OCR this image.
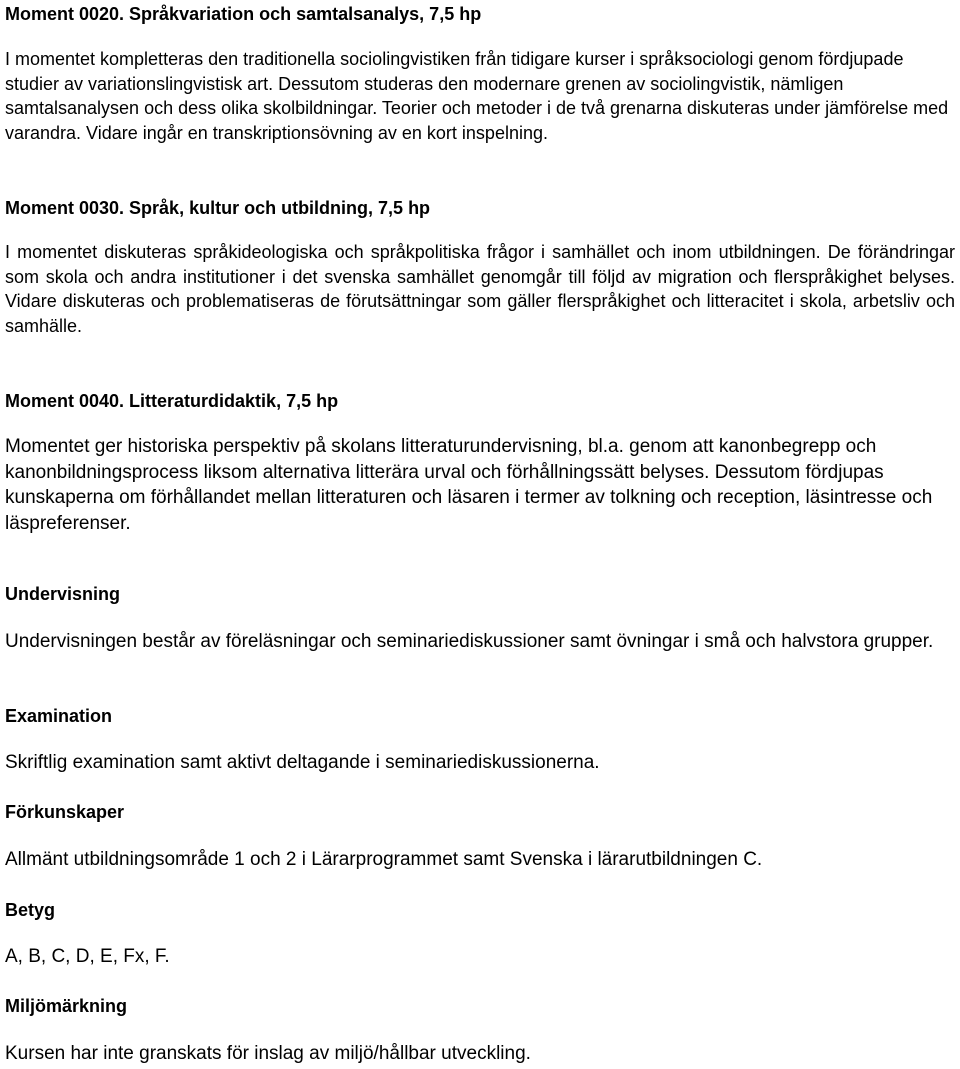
Moment 0020. Språkvariation och samtalsanalys, 7,5 hp

I momentet kompletteras den traditionella sociolingvistiken från tidigare kurser i språksociologi genom fördjupade studier av variationslingvistisk art. Dessutom studeras den modernare grenen av sociolingvistik, nämligen samtalsanalysen och dess olika skolbildningar. Teorier och metoder i de två grenarna diskuteras under jämförelse med varandra. Vidare ingår en transkriptionsövning av en kort inspelning.

Moment 0030. Språk, kultur och utbildning, 7,5 hp

I momentet diskuteras språkideologiska och språkpolitiska frågor i samhället och inom utbildningen. De förändringar som skola och andra institutioner i det svenska samhället genomgår till följd av migration och flerspråkighet belyses. Vidare diskuteras och problematiseras de förutsättningar som gäller flerspråkighet och litteracitet i skola, arbetsliv och samhälle.

Moment 0040. Litteraturdidaktik, 7,5 hp

Momentet ger historiska perspektiv på skolans litteraturundervisning, bl.a. genom att kanonbegrepp och kanonbildningsprocess liksom alternativa litterära urval och förhållningssätt belyses. Dessutom fördjupas kunskaperna om förhållandet mellan litteraturen och läsaren i termer av tolkning och reception, läsintresse och läspreferenser.

Undervisning

Undervisningen består av föreläsningar och seminariediskussioner samt övningar i små och halvstora grupper.

Examination

Skriftlig examination samt aktivt deltagande i seminariediskussionerna.

Förkunskaper

Allmänt utbildningsområde 1 och 2 i Lärarprogrammet samt Svenska i lärarutbildningen C.

Betyg

A, B, C, D, E, Fx, F.

Miljömärkning

Kursen har inte granskats för inslag av miljö/hållbar utveckling.
